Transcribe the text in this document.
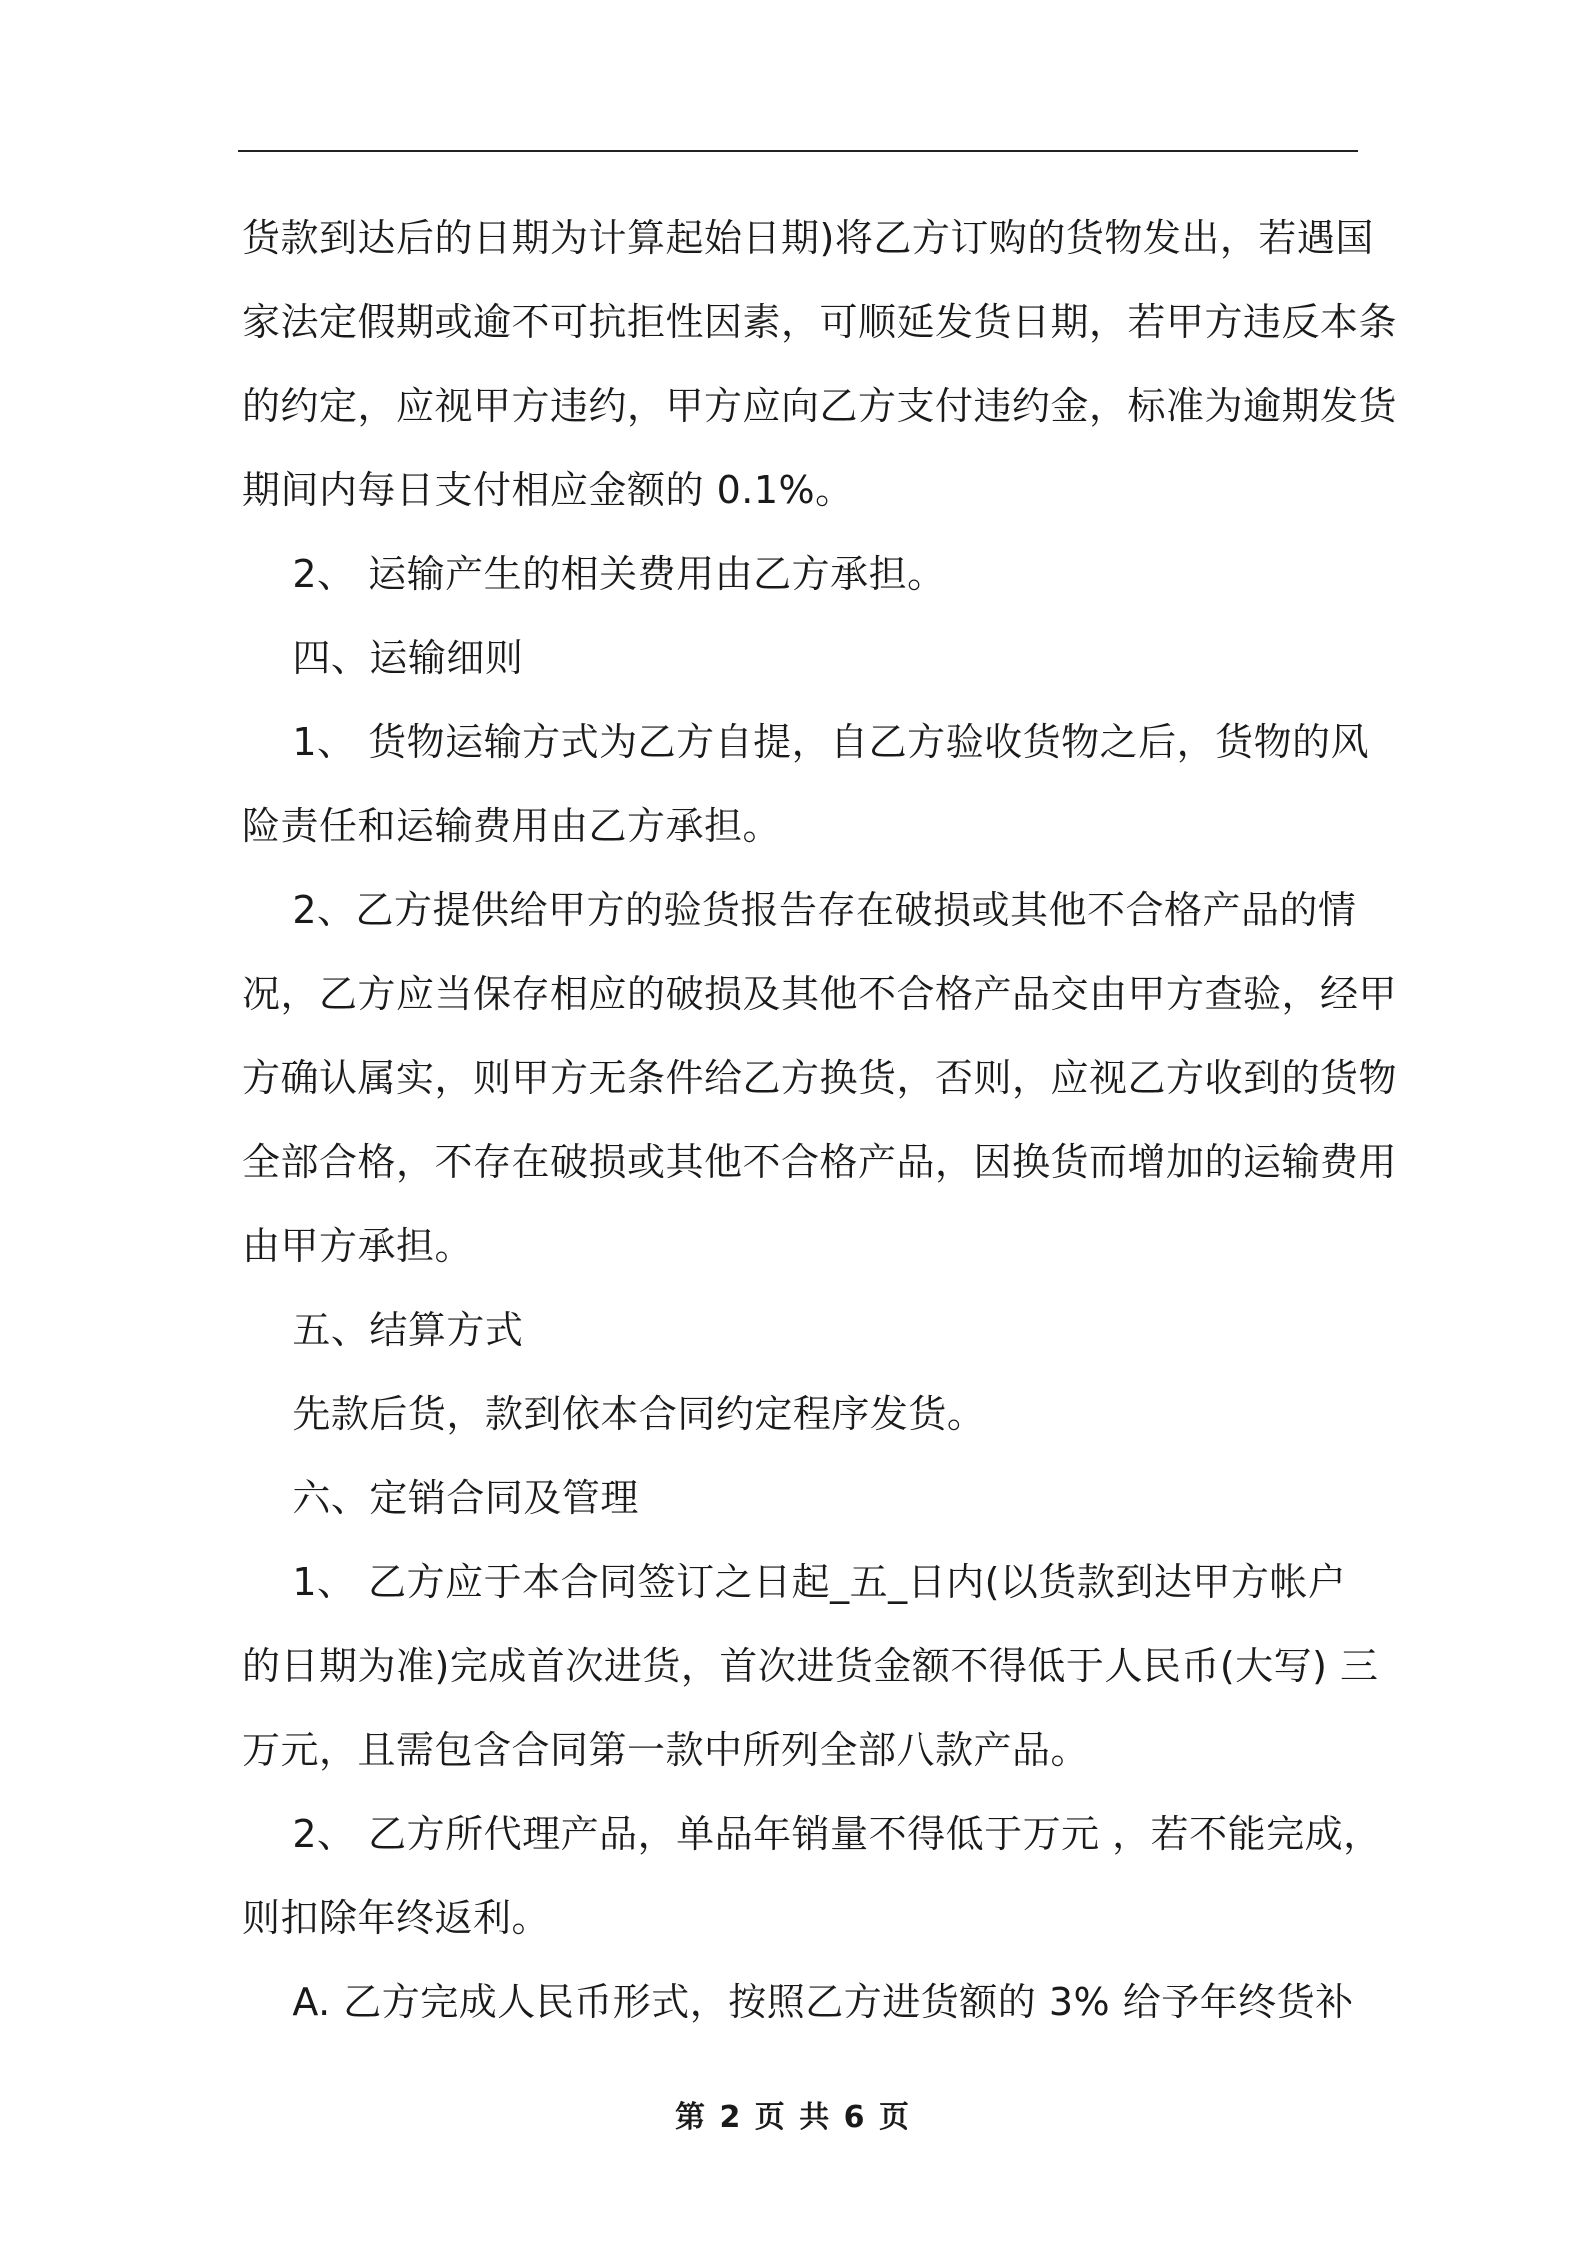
货款到达后的日期为计算起始日期)将乙方订购的货物发出，若遇国
家法定假期或逾不可抗拒性因素，可顺延发货日期，若甲方违反本条
的约定，应视甲方违约，甲方应向乙方支付违约金，标准为逾期发货
期间内每日支付相应金额的 0.1%。
2、 运输产生的相关费用由乙方承担。
四、运输细则
1、 货物运输方式为乙方自提，自乙方验收货物之后，货物的风
险责任和运输费用由乙方承担。
2、乙方提供给甲方的验货报告存在破损或其他不合格产品的情
况，乙方应当保存相应的破损及其他不合格产品交由甲方查验，经甲
方确认属实，则甲方无条件给乙方换货，否则，应视乙方收到的货物
全部合格，不存在破损或其他不合格产品，因换货而增加的运输费用
由甲方承担。
五、结算方式
先款后货，款到依本合同约定程序发货。
六、定销合同及管理
1、 乙方应于本合同签订之日起_五_日内(以货款到达甲方帐户
的日期为准)完成首次进货，首次进货金额不得低于人民币(大写) 三
万元，且需包含合同第一款中所列全部八款产品。
2、 乙方所代理产品，单品年销量不得低于万元 ，若不能完成，
则扣除年终返利。
A. 乙方完成人民币形式，按照乙方进货额的 3% 给予年终货补
第 2 页 共 6 页
